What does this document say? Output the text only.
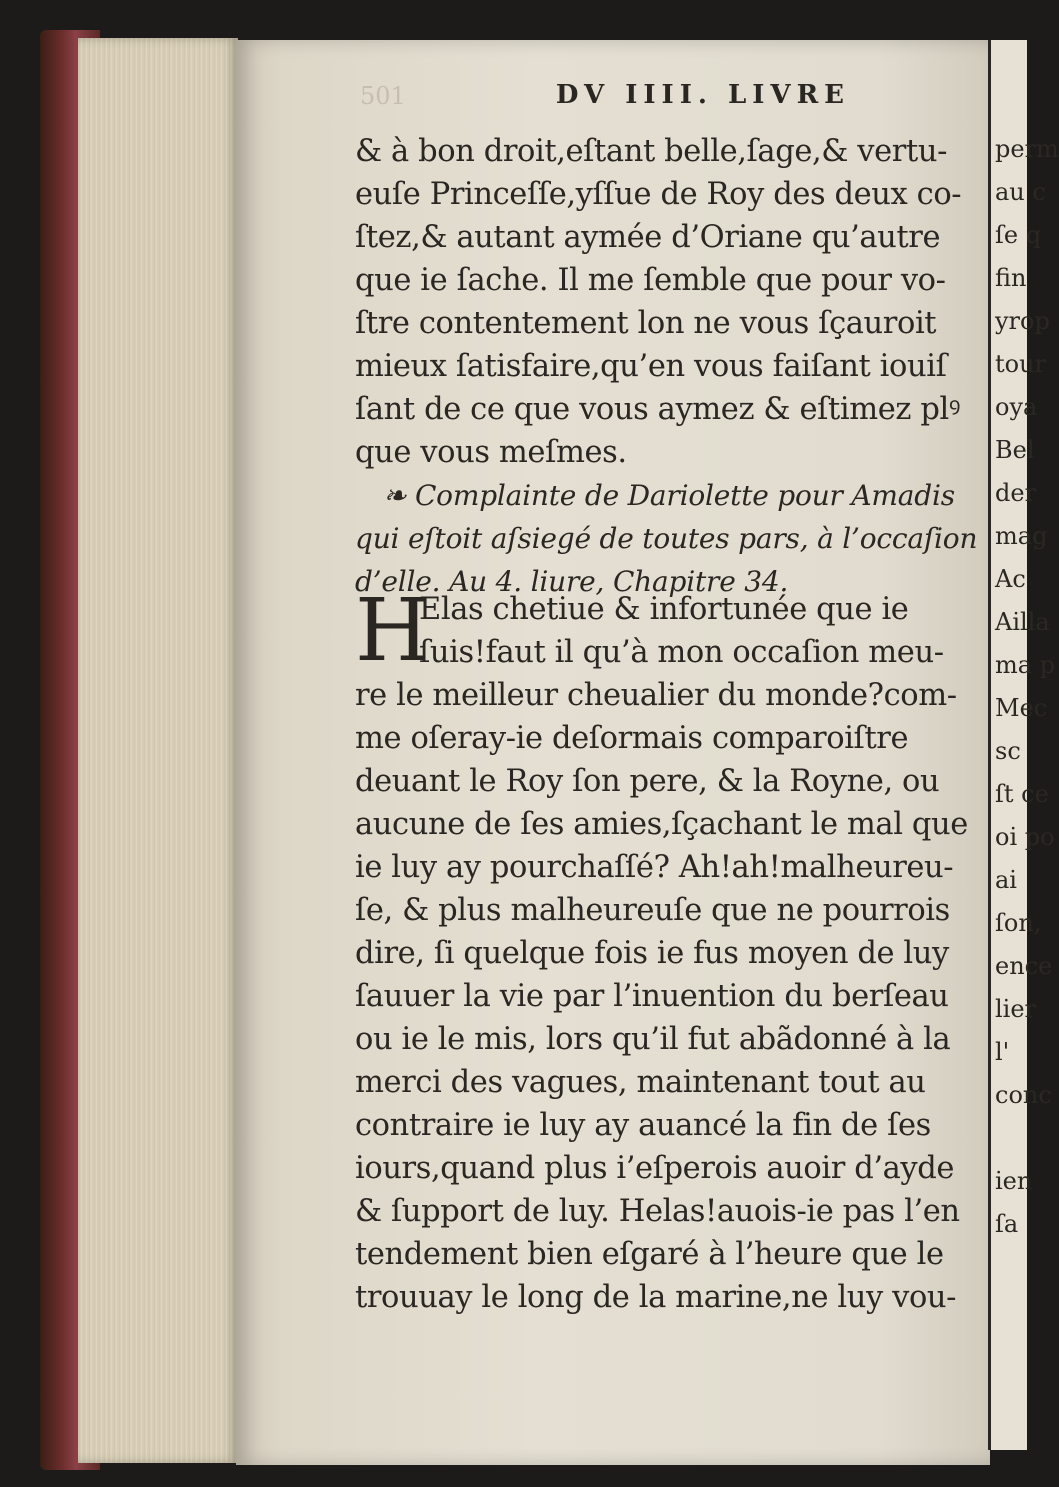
perm
au c
ſe q
fin
yrop
tour
oya
Bel
der
mag
Ac
Ailla
ma p
Mec
sc
ſt ce
oi po
ai
ſon,
ence
lier
l'
conc
ien
ſa
501	DV IIII. LIVRE
& à bon droit,eſtant belle,ſage,& vertu-
euſe Princeſſe,yſſue de Roy des deux co-
ſtez,& autant aymée d’Oriane qu’autre
que ie ſache. Il me ſemble que pour vo-
ſtre contentement lon ne vous ſçauroit
mieux ſatisfaire,qu’en vous faiſant iouiſ
ſant de ce que vous aymez & eſtimez plꝰ
que vous meſmes.
❧ Complainte de Dariolette pour Amadis
qui eſtoit aſsiegé de toutes pars, à l’occaſion
d’elle. Au 4. liure, Chapitre 34.
Elas chetiue & infortunée que ie
ſuis!faut il qu’à mon occaſion meu-
re le meilleur cheualier du monde?com-
me oſeray-ie deſormais comparoiſtre
deuant le Roy ſon pere, & la Royne, ou
aucune de ſes amies,ſçachant le mal que
ie luy ay pourchaſſé? Ah!ah!malheureu-
ſe, & plus malheureuſe que ne pourrois
dire, ſi quelque fois ie fus moyen de luy
ſauuer la vie par l’inuention du berſeau
ou ie le mis, lors qu’il fut abãdonné à la
merci des vagues, maintenant tout au
contraire ie luy ay auancé la fin de ſes
iours,quand plus i’eſperois auoir d’ayde
& ſupport de luy. Helas!auois-ie pas l’en
tendement bien eſgaré à l’heure que le
trouuay le long de la marine,ne luy vou-
H
